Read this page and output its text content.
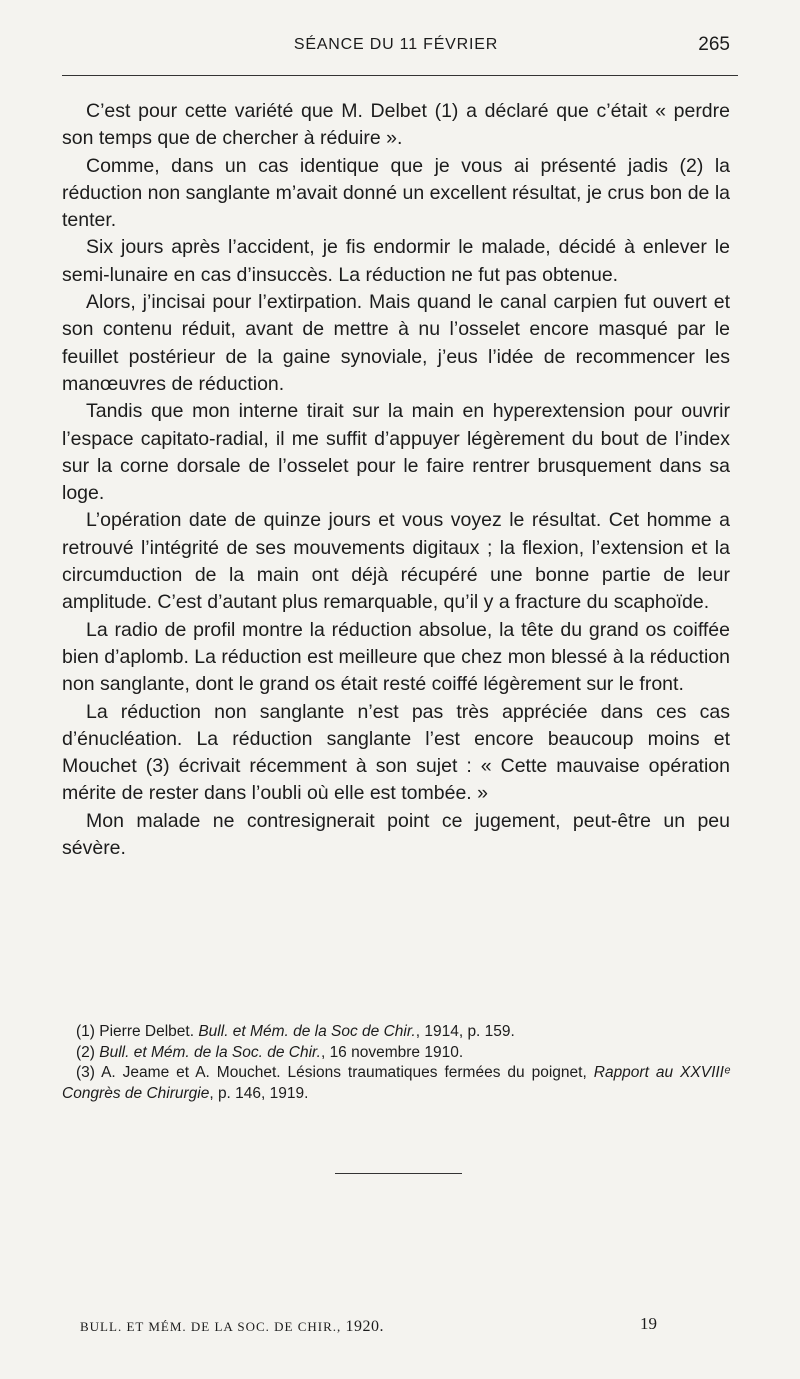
SÉANCE DU 11 FÉVRIER	265

C’est pour cette variété que M. Delbet (1) a déclaré que c’était « perdre son temps que de chercher à réduire ».

Comme, dans un cas identique que je vous ai présenté jadis (2) la réduction non sanglante m’avait donné un excellent résultat, je crus bon de la tenter.

Six jours après l’accident, je fis endormir le malade, décidé à enlever le semi-lunaire en cas d’insuccès. La réduction ne fut pas obtenue.

Alors, j’incisai pour l’extirpation. Mais quand le canal carpien fut ouvert et son contenu réduit, avant de mettre à nu l’osselet encore masqué par le feuillet postérieur de la gaine synoviale, j’eus l’idée de recommencer les manœuvres de réduction.

Tandis que mon interne tirait sur la main en hyperextension pour ouvrir l’espace capitato-radial, il me suffit d’appuyer légèrement du bout de l’index sur la corne dorsale de l’osselet pour le faire rentrer brusquement dans sa loge.

L’opération date de quinze jours et vous voyez le résultat. Cet homme a retrouvé l’intégrité de ses mouvements digitaux ; la flexion, l’extension et la circumduction de la main ont déjà récupéré une bonne partie de leur amplitude. C’est d’autant plus remarquable, qu’il y a fracture du scaphoïde.

La radio de profil montre la réduction absolue, la tête du grand os coiffée bien d’aplomb. La réduction est meilleure que chez mon blessé à la réduction non sanglante, dont le grand os était resté coiffé légèrement sur le front.

La réduction non sanglante n’est pas très appréciée dans ces cas d’énucléation. La réduction sanglante l’est encore beaucoup moins et Mouchet (3) écrivait récemment à son sujet : « Cette mauvaise opération mérite de rester dans l’oubli où elle est tombée. »

Mon malade ne contresignerait point ce jugement, peut-être un peu sévère.

(1) Pierre Delbet. Bull. et Mém. de la Soc de Chir., 1914, p. 159.

(2) Bull. et Mém. de la Soc. de Chir., 16 novembre 1910.

(3) A. Jeame et A. Mouchet. Lésions traumatiques fermées du poignet, Rapport au XXVIIIᵉ Congrès de Chirurgie, p. 146, 1919.

BULL. ET MÉM. DE LA SOC. DE CHIR., 1920.	19
